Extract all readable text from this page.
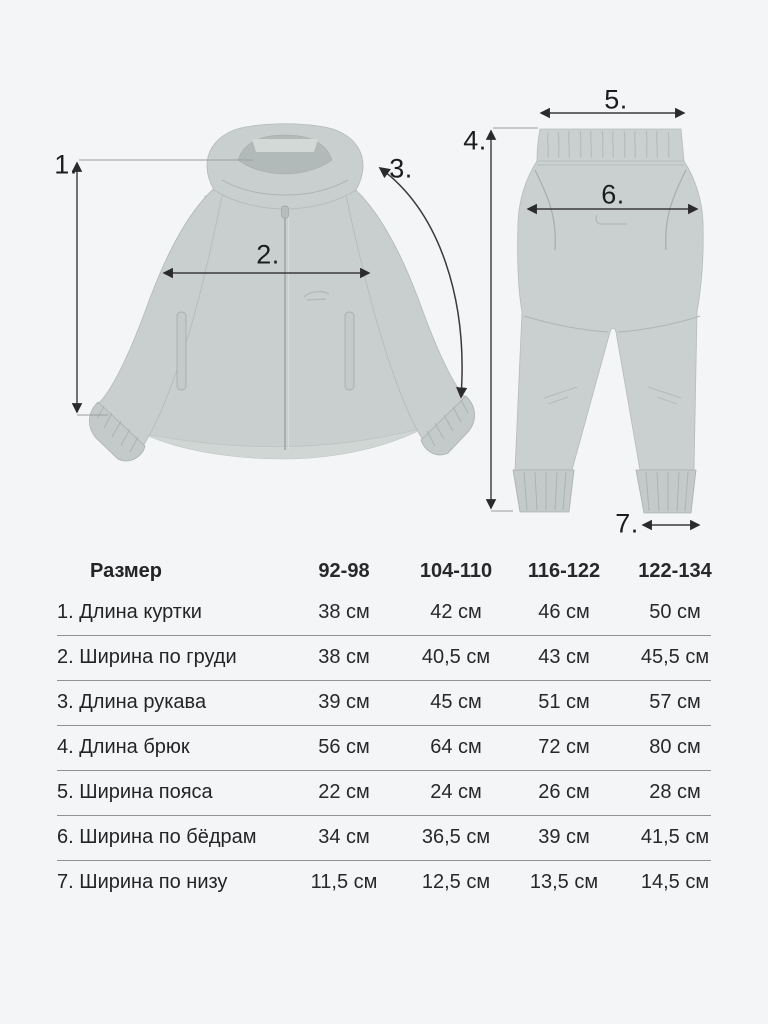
1.
2.
3.
4.
5.
6.
7.
Размер	92-98	104-110	116-122	122-134
1. Длина куртки	38 см	42 см	46 см	50 см
2. Ширина по груди	38 см	40,5 см	43 см	45,5 см
3. Длина рукава	39 см	45 см	51 см	57 см
4. Длина брюк	56 см	64 см	72 см	80 см
5. Ширина пояса	22 см	24 см	26 см	28 см
6. Ширина по бёдрам	34 см	36,5 см	39 см	41,5 см
7. Ширина по низу	11,5 см	12,5 см	13,5 см	14,5 см
